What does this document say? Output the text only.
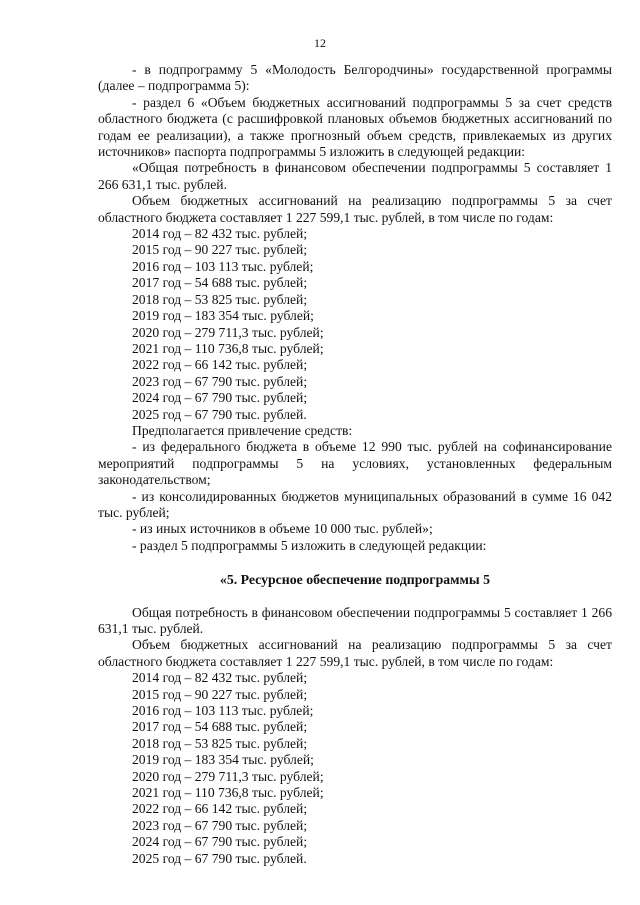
12

- в подпрограмму 5 «Молодость Белгородчины» государственной программы (далее – подпрограмма 5):

- раздел 6 «Объем бюджетных ассигнований подпрограммы 5 за счет средств областного бюджета (с расшифровкой плановых объемов бюджетных ассигнований по годам ее реализации), а также прогнозный объем средств, привлекаемых из других источников» паспорта подпрограммы 5 изложить в следующей редакции:

«Общая потребность в финансовом обеспечении подпрограммы 5 составляет 1 266 631,1 тыс. рублей.

Объем бюджетных ассигнований на реализацию подпрограммы 5 за счет областного бюджета составляет 1 227 599,1 тыс. рублей, в том числе по годам:

2014 год – 82 432 тыс. рублей;

2015 год – 90 227 тыс. рублей;

2016 год – 103 113 тыс. рублей;

2017 год – 54 688 тыс. рублей;

2018 год – 53 825 тыс. рублей;

2019 год – 183 354 тыс. рублей;

2020 год – 279 711,3 тыс. рублей;

2021 год – 110 736,8 тыс. рублей;

2022 год – 66 142 тыс. рублей;

2023 год – 67 790 тыс. рублей;

2024 год – 67 790 тыс. рублей;

2025 год – 67 790 тыс. рублей.

Предполагается привлечение средств:

- из федерального бюджета в объеме 12 990 тыс. рублей на софинансирование мероприятий подпрограммы 5 на условиях, установленных федеральным законодательством;

- из консолидированных бюджетов муниципальных образований в сумме 16 042 тыс. рублей;

- из иных источников в объеме 10 000 тыс. рублей»;

- раздел 5 подпрограммы 5 изложить в следующей редакции:

«5. Ресурсное обеспечение подпрограммы 5

Общая потребность в финансовом обеспечении подпрограммы 5 составляет 1 266 631,1 тыс. рублей.

Объем бюджетных ассигнований на реализацию подпрограммы 5 за счет областного бюджета составляет 1 227 599,1 тыс. рублей, в том числе по годам:

2014 год – 82 432 тыс. рублей;

2015 год – 90 227 тыс. рублей;

2016 год – 103 113 тыс. рублей;

2017 год – 54 688 тыс. рублей;

2018 год – 53 825 тыс. рублей;

2019 год – 183 354 тыс. рублей;

2020 год – 279 711,3 тыс. рублей;

2021 год – 110 736,8 тыс. рублей;

2022 год – 66 142 тыс. рублей;

2023 год – 67 790 тыс. рублей;

2024 год – 67 790 тыс. рублей;

2025 год – 67 790 тыс. рублей.
